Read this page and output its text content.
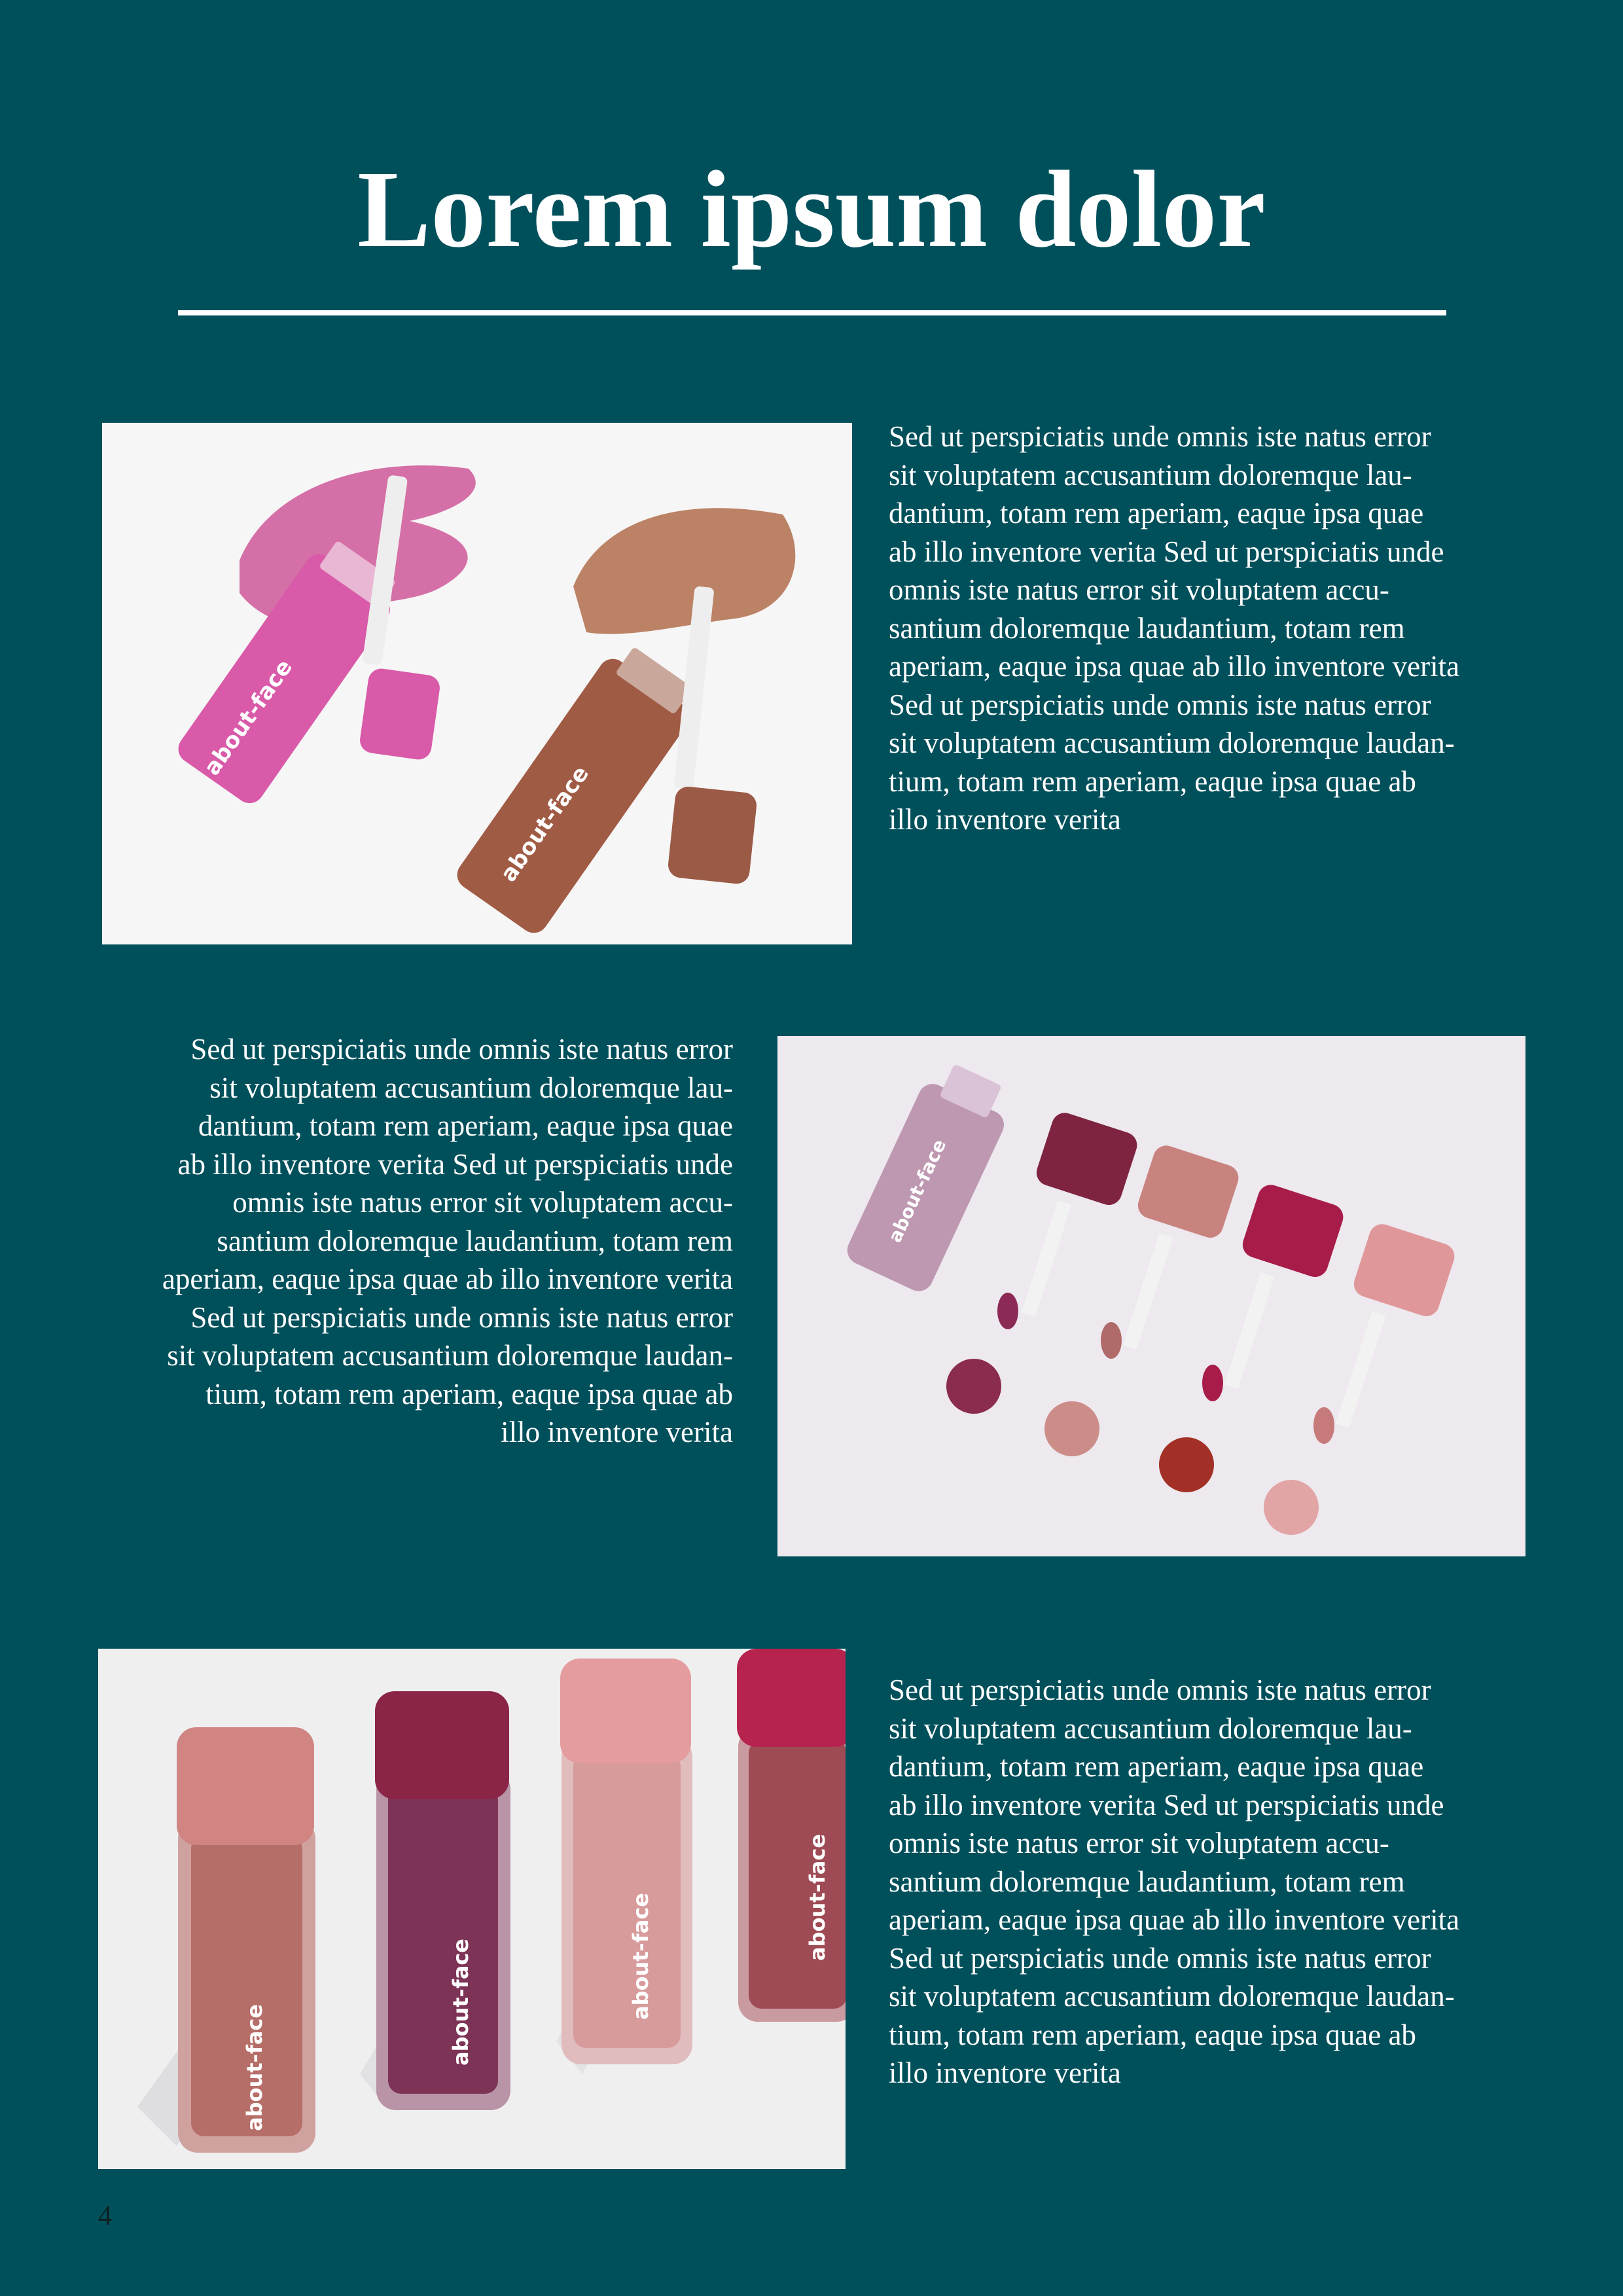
Lorem ipsum dolor
about-face
about-face

Sed ut perspiciatis unde omnis iste natus error
sit voluptatem accusantium doloremque lau-
dantium, totam rem aperiam, eaque ipsa quae
ab illo inventore verita Sed ut perspiciatis unde
omnis iste natus error sit voluptatem accu-
santium doloremque laudantium, totam rem
aperiam, eaque ipsa quae ab illo inventore verita
Sed ut perspiciatis unde omnis iste natus error
sit voluptatem accusantium doloremque laudan-
tium, totam rem aperiam, eaque ipsa quae ab
illo inventore verita

Sed ut perspiciatis unde omnis iste natus error
sit voluptatem accusantium doloremque lau-
dantium, totam rem aperiam, eaque ipsa quae
ab illo inventore verita Sed ut perspiciatis unde
omnis iste natus error sit voluptatem accu-
santium doloremque laudantium, totam rem
aperiam, eaque ipsa quae ab illo inventore verita
Sed ut perspiciatis unde omnis iste natus error
sit voluptatem accusantium doloremque laudan-
tium, totam rem aperiam, eaque ipsa quae ab
illo inventore verita

about-face
about-face
about-face	about-face	about-face

Sed ut perspiciatis unde omnis iste natus error
sit voluptatem accusantium doloremque lau-
dantium, totam rem aperiam, eaque ipsa quae
ab illo inventore verita Sed ut perspiciatis unde
omnis iste natus error sit voluptatem accu-
santium doloremque laudantium, totam rem
aperiam, eaque ipsa quae ab illo inventore verita
Sed ut perspiciatis unde omnis iste natus error
sit voluptatem accusantium doloremque laudan-
tium, totam rem aperiam, eaque ipsa quae ab
illo inventore verita

4
